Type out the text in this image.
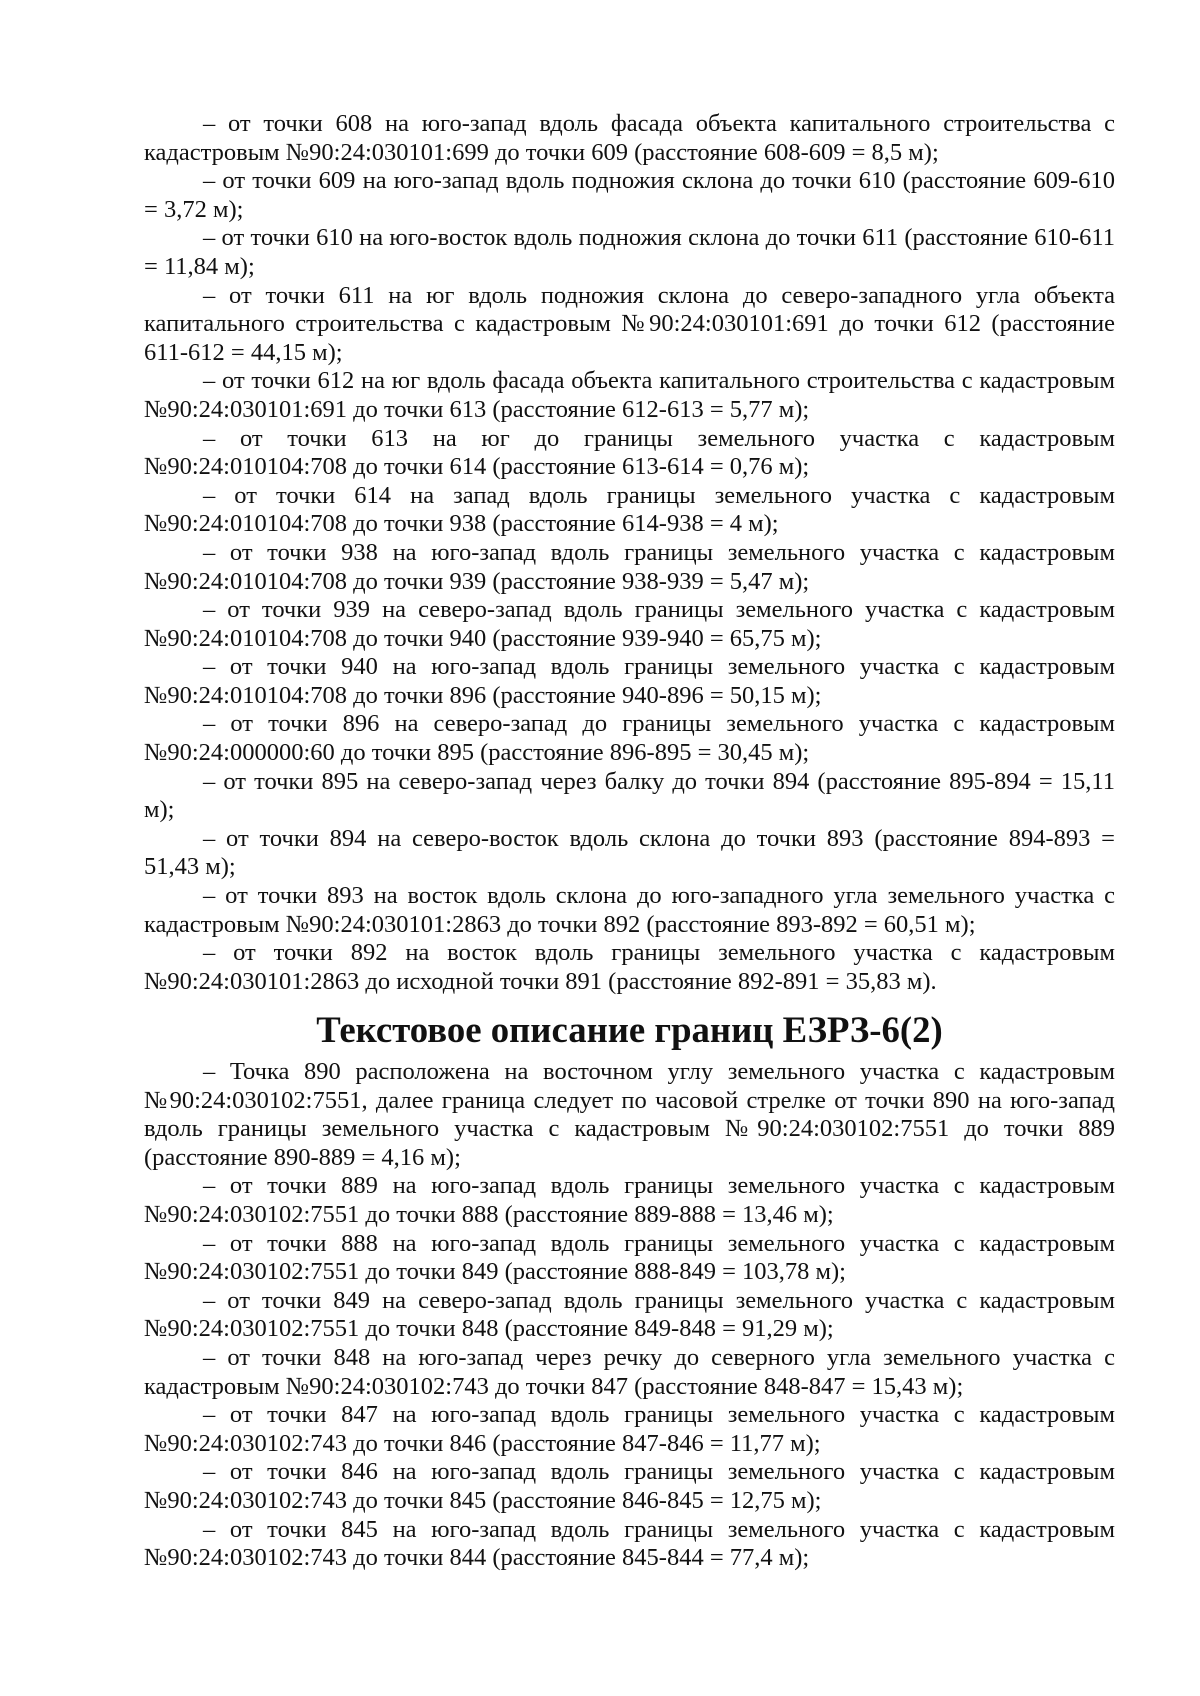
– от точки 608 на юго-запад вдоль фасада объекта капитального строительства с кадастровым №90:24:030101:699 до точки 609 (расстояние 608-609 = 8,5 м);

– от точки 609 на юго-запад вдоль подножия склона до точки 610 (расстояние 609-610 = 3,72 м);

– от точки 610 на юго-восток вдоль подножия склона до точки 611 (расстояние 610-611 = 11,84 м);

– от точки 611 на юг вдоль подножия склона до северо-западного угла объекта капитального строительства с кадастровым №90:24:030101:691 до точки 612 (расстояние 611-612 = 44,15 м);

– от точки 612 на юг вдоль фасада объекта капитального строительства с кадастровым №90:24:030101:691 до точки 613 (расстояние 612-613 = 5,77 м);

– от точки 613 на юг до границы земельного участка с кадастровым №90:24:010104:708 до точки 614 (расстояние 613-614 = 0,76 м);

– от точки 614 на запад вдоль границы земельного участка с кадастровым №90:24:010104:708 до точки 938 (расстояние 614-938 = 4 м);

– от точки 938 на юго-запад вдоль границы земельного участка с кадастровым №90:24:010104:708 до точки 939 (расстояние 938-939 = 5,47 м);

– от точки 939 на северо-запад вдоль границы земельного участка с кадастровым №90:24:010104:708 до точки 940 (расстояние 939-940 = 65,75 м);

– от точки 940 на юго-запад вдоль границы земельного участка с кадастровым №90:24:010104:708 до точки 896 (расстояние 940-896 = 50,15 м);

– от точки 896 на северо-запад до границы земельного участка с кадастровым №90:24:000000:60 до точки 895 (расстояние 896-895 = 30,45 м);

– от точки 895 на северо-запад через балку до точки 894 (расстояние 895-894 = 15,11 м);

– от точки 894 на северо-восток вдоль склона до точки 893 (расстояние 894-893 = 51,43 м);

– от точки 893 на восток вдоль склона до юго-западного угла земельного участка с кадастровым №90:24:030101:2863 до точки 892 (расстояние 893-892 = 60,51 м);

– от точки 892 на восток вдоль границы земельного участка с кадастровым №90:24:030101:2863 до исходной точки 891 (расстояние 892-891 = 35,83 м).

Текстовое описание границ ЕЗРЗ-6(2)

– Точка 890 расположена на восточном углу земельного участка с кадастровым №90:24:030102:7551, далее граница следует по часовой стрелке от точки 890 на юго-запад вдоль границы земельного участка с кадастровым №90:24:030102:7551 до точки 889 (расстояние 890-889 = 4,16 м);

– от точки 889 на юго-запад вдоль границы земельного участка с кадастровым №90:24:030102:7551 до точки 888 (расстояние 889-888 = 13,46 м);

– от точки 888 на юго-запад вдоль границы земельного участка с кадастровым №90:24:030102:7551 до точки 849 (расстояние 888-849 = 103,78 м);

– от точки 849 на северо-запад вдоль границы земельного участка с кадастровым №90:24:030102:7551 до точки 848 (расстояние 849-848 = 91,29 м);

– от точки 848 на юго-запад через речку до северного угла земельного участка с кадастровым №90:24:030102:743 до точки 847 (расстояние 848-847 = 15,43 м);

– от точки 847 на юго-запад вдоль границы земельного участка с кадастровым №90:24:030102:743 до точки 846 (расстояние 847-846 = 11,77 м);

– от точки 846 на юго-запад вдоль границы земельного участка с кадастровым №90:24:030102:743 до точки 845 (расстояние 846-845 = 12,75 м);

– от точки 845 на юго-запад вдоль границы земельного участка с кадастровым №90:24:030102:743 до точки 844 (расстояние 845-844 = 77,4 м);
